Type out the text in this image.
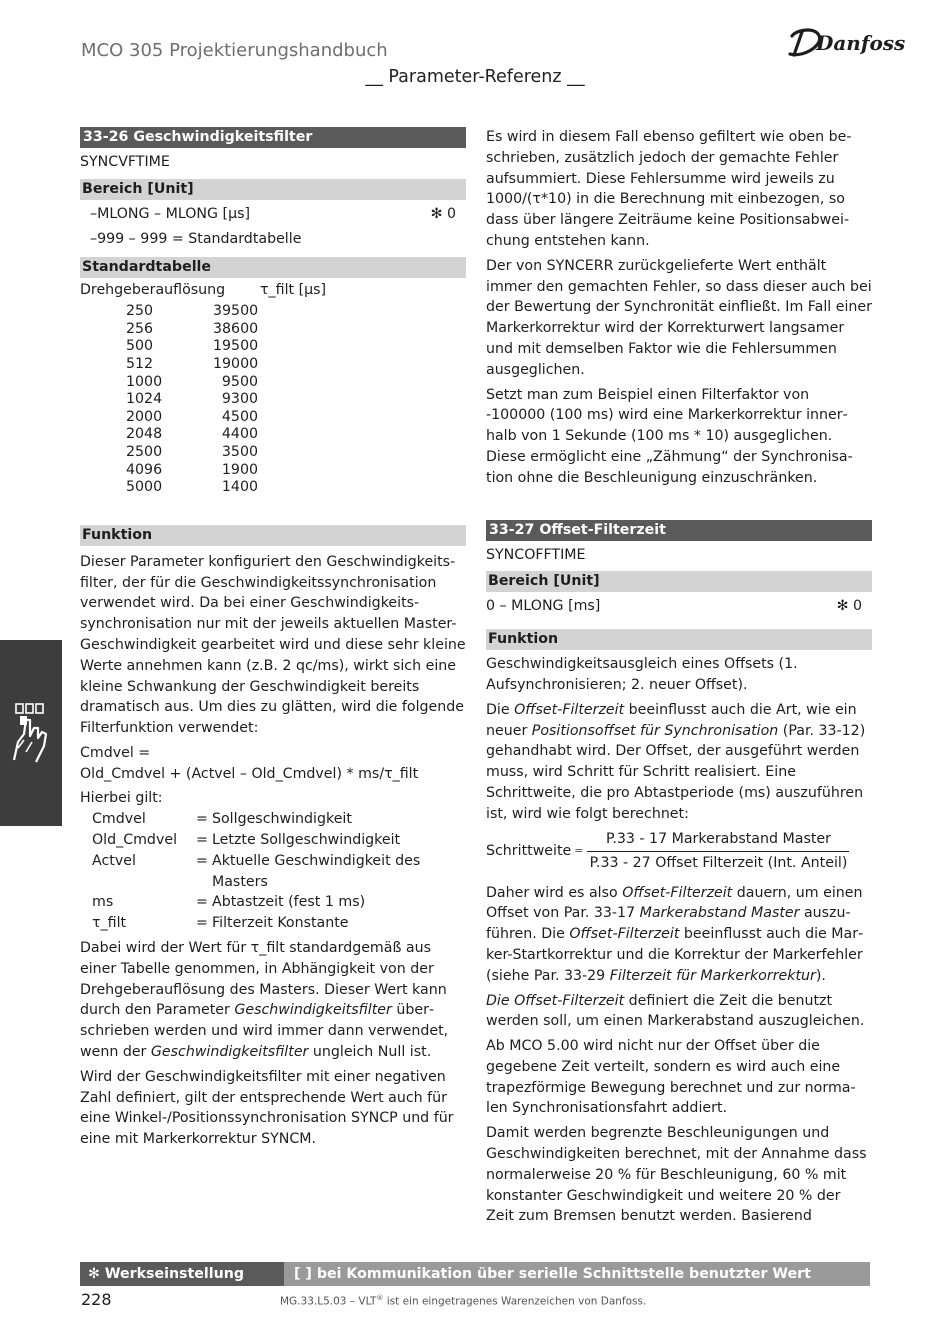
MCO 305 Projektierungshandbuch
__ Parameter-Referenz __
Danfoss
33-26 Geschwindigkeitsfilter

SYNCVFTIME

Bereich [Unit]
–MLONG – MLONG [µs]	✻ 0
–999 – 999 = Standardtabelle
Standardtabelle
Drehgeberauflösung	τ_filt [µs]
250	39500
256	38600
500	19500
512	19000
1000	9500
1024	9300
2000	4500
2048	4400
2500	3500
4096	1900
5000	1400
Funktion

Dieser Parameter konfiguriert den Geschwindigkeitsfilter, der für die Geschwindigkeitssynchronisation verwendet wird. Da bei einer Geschwindigkeitssynchronisation nur mit der jeweils aktuellen Master-Geschwindigkeit gearbeitet wird und diese sehr kleine Werte annehmen kann (z.B. 2 qc/ms), wirkt sich eine kleine Schwankung der Geschwindigkeit bereits dramatisch aus. Um dies zu glätten, wird die folgende Filterfunktion verwendet:

Cmdvel =

Old_Cmdvel + (Actvel – Old_Cmdvel) * ms/τ_filt

Hierbei gilt:

Cmdvel	= Sollgeschwindigkeit
Old_Cmdvel	= Letzte Sollgeschwindigkeit
Actvel	= Aktuelle Geschwindigkeit des Masters
ms	= Abtastzeit (fest 1 ms)
τ_filt	= Filterzeit Konstante

Dabei wird der Wert für τ_filt standardgemäß aus einer Tabelle genommen, in Abhängigkeit von der Drehgeberauflösung des Masters. Dieser Wert kann durch den Parameter Geschwindigkeitsfilter überschrieben werden und wird immer dann verwendet, wenn der Geschwindigkeitsfilter ungleich Null ist.

Wird der Geschwindigkeitsfilter mit einer negativen Zahl definiert, gilt der entsprechende Wert auch für eine Winkel-/Positionssynchronisation SYNCP und für eine mit Markerkorrektur SYNCM.

Es wird in diesem Fall ebenso gefiltert wie oben beschrieben, zusätzlich jedoch der gemachte Fehler aufsummiert. Diese Fehlersumme wird jeweils zu 1000/(τ*10) in die Berechnung mit einbezogen, so dass über längere Zeiträume keine Positionsabweichung entstehen kann.

Der von SYNCERR zurückgelieferte Wert enthält immer den gemachten Fehler, so dass dieser auch bei der Bewertung der Synchronität einfließt. Im Fall einer Markerkorrektur wird der Korrekturwert langsamer und mit demselben Faktor wie die Fehlersummen ausgeglichen.

Setzt man zum Beispiel einen Filterfaktor von -100000 (100 ms) wird eine Markerkorrektur innerhalb von 1 Sekunde (100 ms * 10) ausgeglichen. Diese ermöglicht eine „Zähmung“ der Synchronisation ohne die Beschleunigung einzuschränken.

33-27 Offset-Filterzeit

SYNCOFFTIME

Bereich [Unit]
0 – MLONG [ms]	✻ 0
Funktion

Geschwindigkeitsausgleich eines Offsets (1. Aufsynchronisieren; 2. neuer Offset).

Die Offset-Filterzeit beeinflusst auch die Art, wie ein neuer Positionsoffset für Synchronisation (Par. 33-12) gehandhabt wird. Der Offset, der ausgeführt werden muss, wird Schritt für Schritt realisiert. Eine Schrittweite, die pro Abtastperiode (ms) auszuführen ist, wird wie folgt berechnet:

Schrittweite = $\frac{\text{P.33 - 17 Markerabstand Master}}{\text{P.33 - 27 Offset Filterzeit (Int. Anteil)}}$

Daher wird es also Offset-Filterzeit dauern, um einen Offset von Par. 33-17 Markerabstand Master auszuführen. Die Offset-Filterzeit beeinflusst auch die Marker-Startkorrektur und die Korrektur der Markerfehler (siehe Par. 33-29 Filterzeit für Markerkorrektur).

Die Offset-Filterzeit definiert die Zeit die benutzt werden soll, um einen Markerabstand auszugleichen.

Ab MCO 5.00 wird nicht nur der Offset über die gegebene Zeit verteilt, sondern es wird auch eine trapezförmige Bewegung berechnet und zur normalen Synchronisationsfahrt addiert.

Damit werden begrenzte Beschleunigungen und Geschwindigkeiten berechnet, mit der Annahme dass normalerweise 20 % für Beschleunigung, 60 % mit konstanter Geschwindigkeit und weitere 20 % der Zeit zum Bremsen benutzt werden. Basierend

✻ Werkseinstellung	[ ] bei Kommunikation über serielle Schnittstelle benutzter Wert
228	MG.33.L5.03 – VLT® ist ein eingetragenes Warenzeichen von Danfoss.
